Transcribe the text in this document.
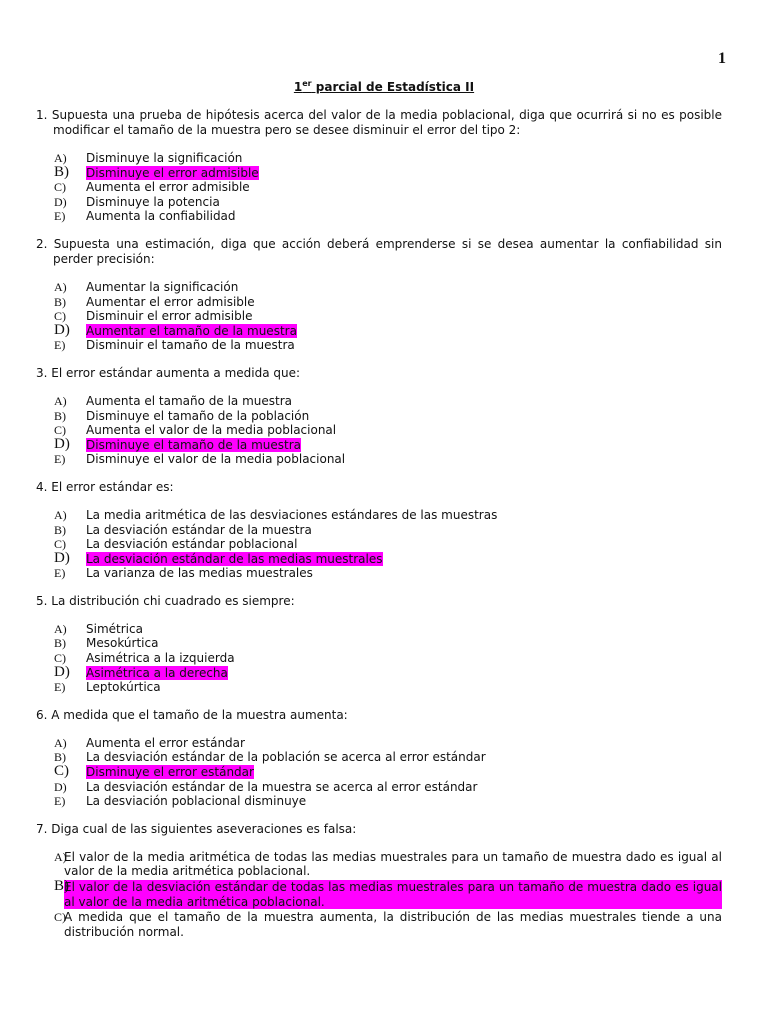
1
1er parcial de Estadística II
1. Supuesta una prueba de hipótesis acerca del valor de la media poblacional, diga que ocurrirá si no es posible modificar el tamaño de la muestra pero se desee disminuir el error del tipo 2:
A) Disminuye la significación
B) Disminuye el error admisible
C) Aumenta el error admisible
D) Disminuye la potencia
E) Aumenta la confiabilidad
2. Supuesta una estimación, diga que acción deberá emprenderse si se desea aumentar la confiabilidad sin perder precisión:
A) Aumentar la significación
B) Aumentar el error admisible
C) Disminuir el error admisible
D) Aumentar el tamaño de la muestra
E) Disminuir el tamaño de la muestra
3. El error estándar aumenta a medida que:
A) Aumenta el tamaño de la muestra
B) Disminuye el tamaño de la población
C) Aumenta el valor de la media poblacional
D) Disminuye el tamaño de la muestra
E) Disminuye el valor de la media poblacional
4. El error estándar es:
A) La media aritmética de las desviaciones estándares de las muestras
B) La desviación estándar de la muestra
C) La desviación estándar poblacional
D) La desviación estándar de las medias muestrales
E) La varianza de las medias muestrales
5. La distribución chi cuadrado es siempre:
A) Simétrica
B) Mesokúrtica
C) Asimétrica a la izquierda
D) Asimétrica a la derecha
E) Leptokúrtica
6. A medida que el tamaño de la muestra aumenta:
A) Aumenta el error estándar
B) La desviación estándar de la población se acerca al error estándar
C) Disminuye el error estándar
D) La desviación estándar de la muestra se acerca al error estándar
E) La desviación poblacional disminuye
7. Diga cual de las siguientes aseveraciones es falsa:
A)
El valor de la media aritmética de todas las medias muestrales para un tamaño de muestra dado es igual al valor de la media aritmética poblacional.
B)
El valor de la desviación estándar de todas las medias muestrales para un tamaño de muestra dado es igual al valor de la media aritmética poblacional.
C)
A medida que el tamaño de la muestra aumenta, la distribución de las medias muestrales tiende a una distribución normal.
